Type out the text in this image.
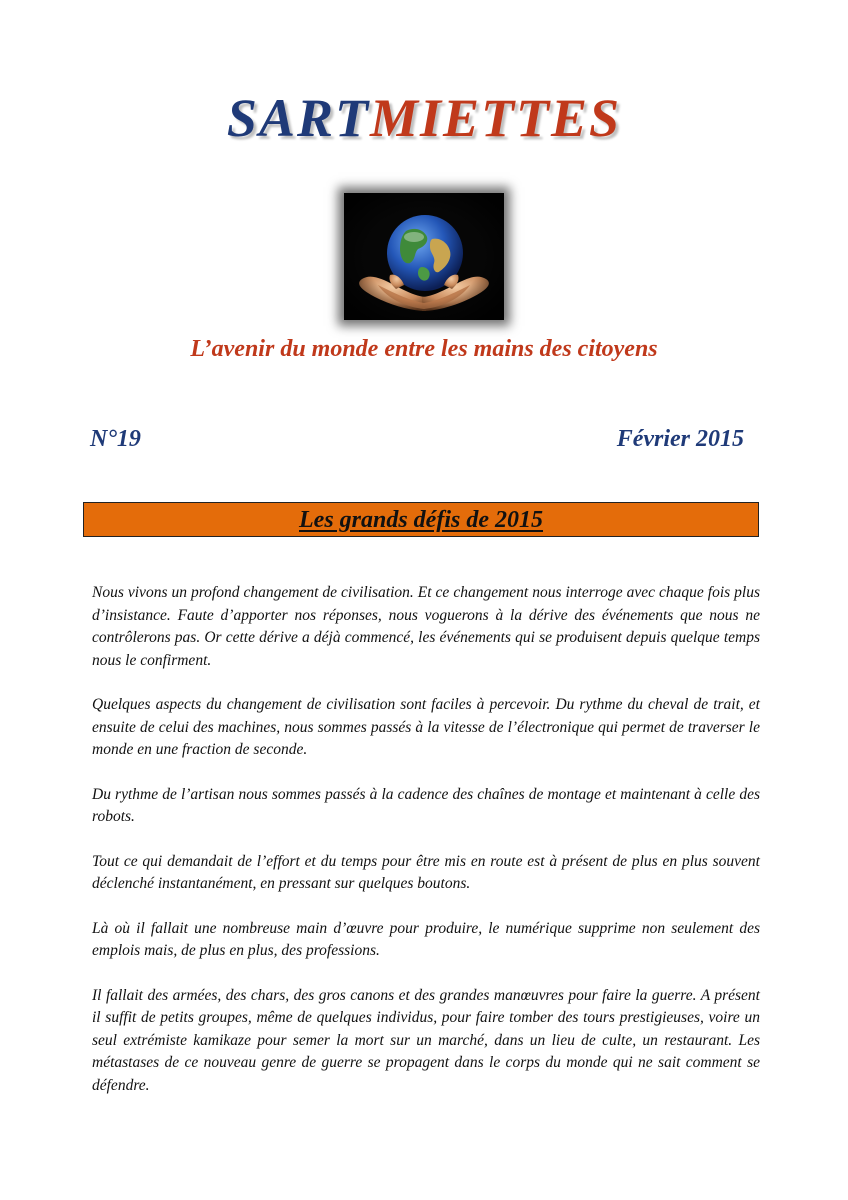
SARTMIETTES
L’avenir du monde entre les mains des citoyens
N°19	Février 2015
Les grands défis de 2015

Nous vivons un profond changement de civilisation. Et ce changement nous interroge avec chaque fois plus d’insistance. Faute d’apporter nos réponses, nous voguerons à la dérive des événements que nous ne contrôlerons pas. Or cette dérive a déjà commencé, les événements qui se produisent depuis quelque temps nous le confirment.

Quelques aspects du changement de civilisation sont faciles à percevoir. Du rythme du cheval de trait, et ensuite de celui des machines, nous sommes passés à la vitesse de l’électronique qui permet de traverser le monde en une fraction de seconde.

Du rythme de l’artisan nous sommes passés à la cadence des chaînes de montage et maintenant à celle des robots.

Tout ce qui demandait de l’effort et du temps pour être mis en route est à présent de plus en plus souvent déclenché instantanément, en pressant sur quelques boutons.

Là où il fallait une nombreuse main d’œuvre pour produire, le numérique supprime non seulement des emplois mais, de plus en plus, des professions.

Il fallait des armées, des chars, des gros canons et des grandes manœuvres pour faire la guerre. A présent il suffit de petits groupes, même de quelques individus, pour faire tomber des tours prestigieuses, voire un seul extrémiste kamikaze pour semer la mort sur un marché, dans un lieu de culte, un restaurant. Les métastases de ce nouveau genre de guerre se propagent dans le corps du monde qui ne sait comment se défendre.
